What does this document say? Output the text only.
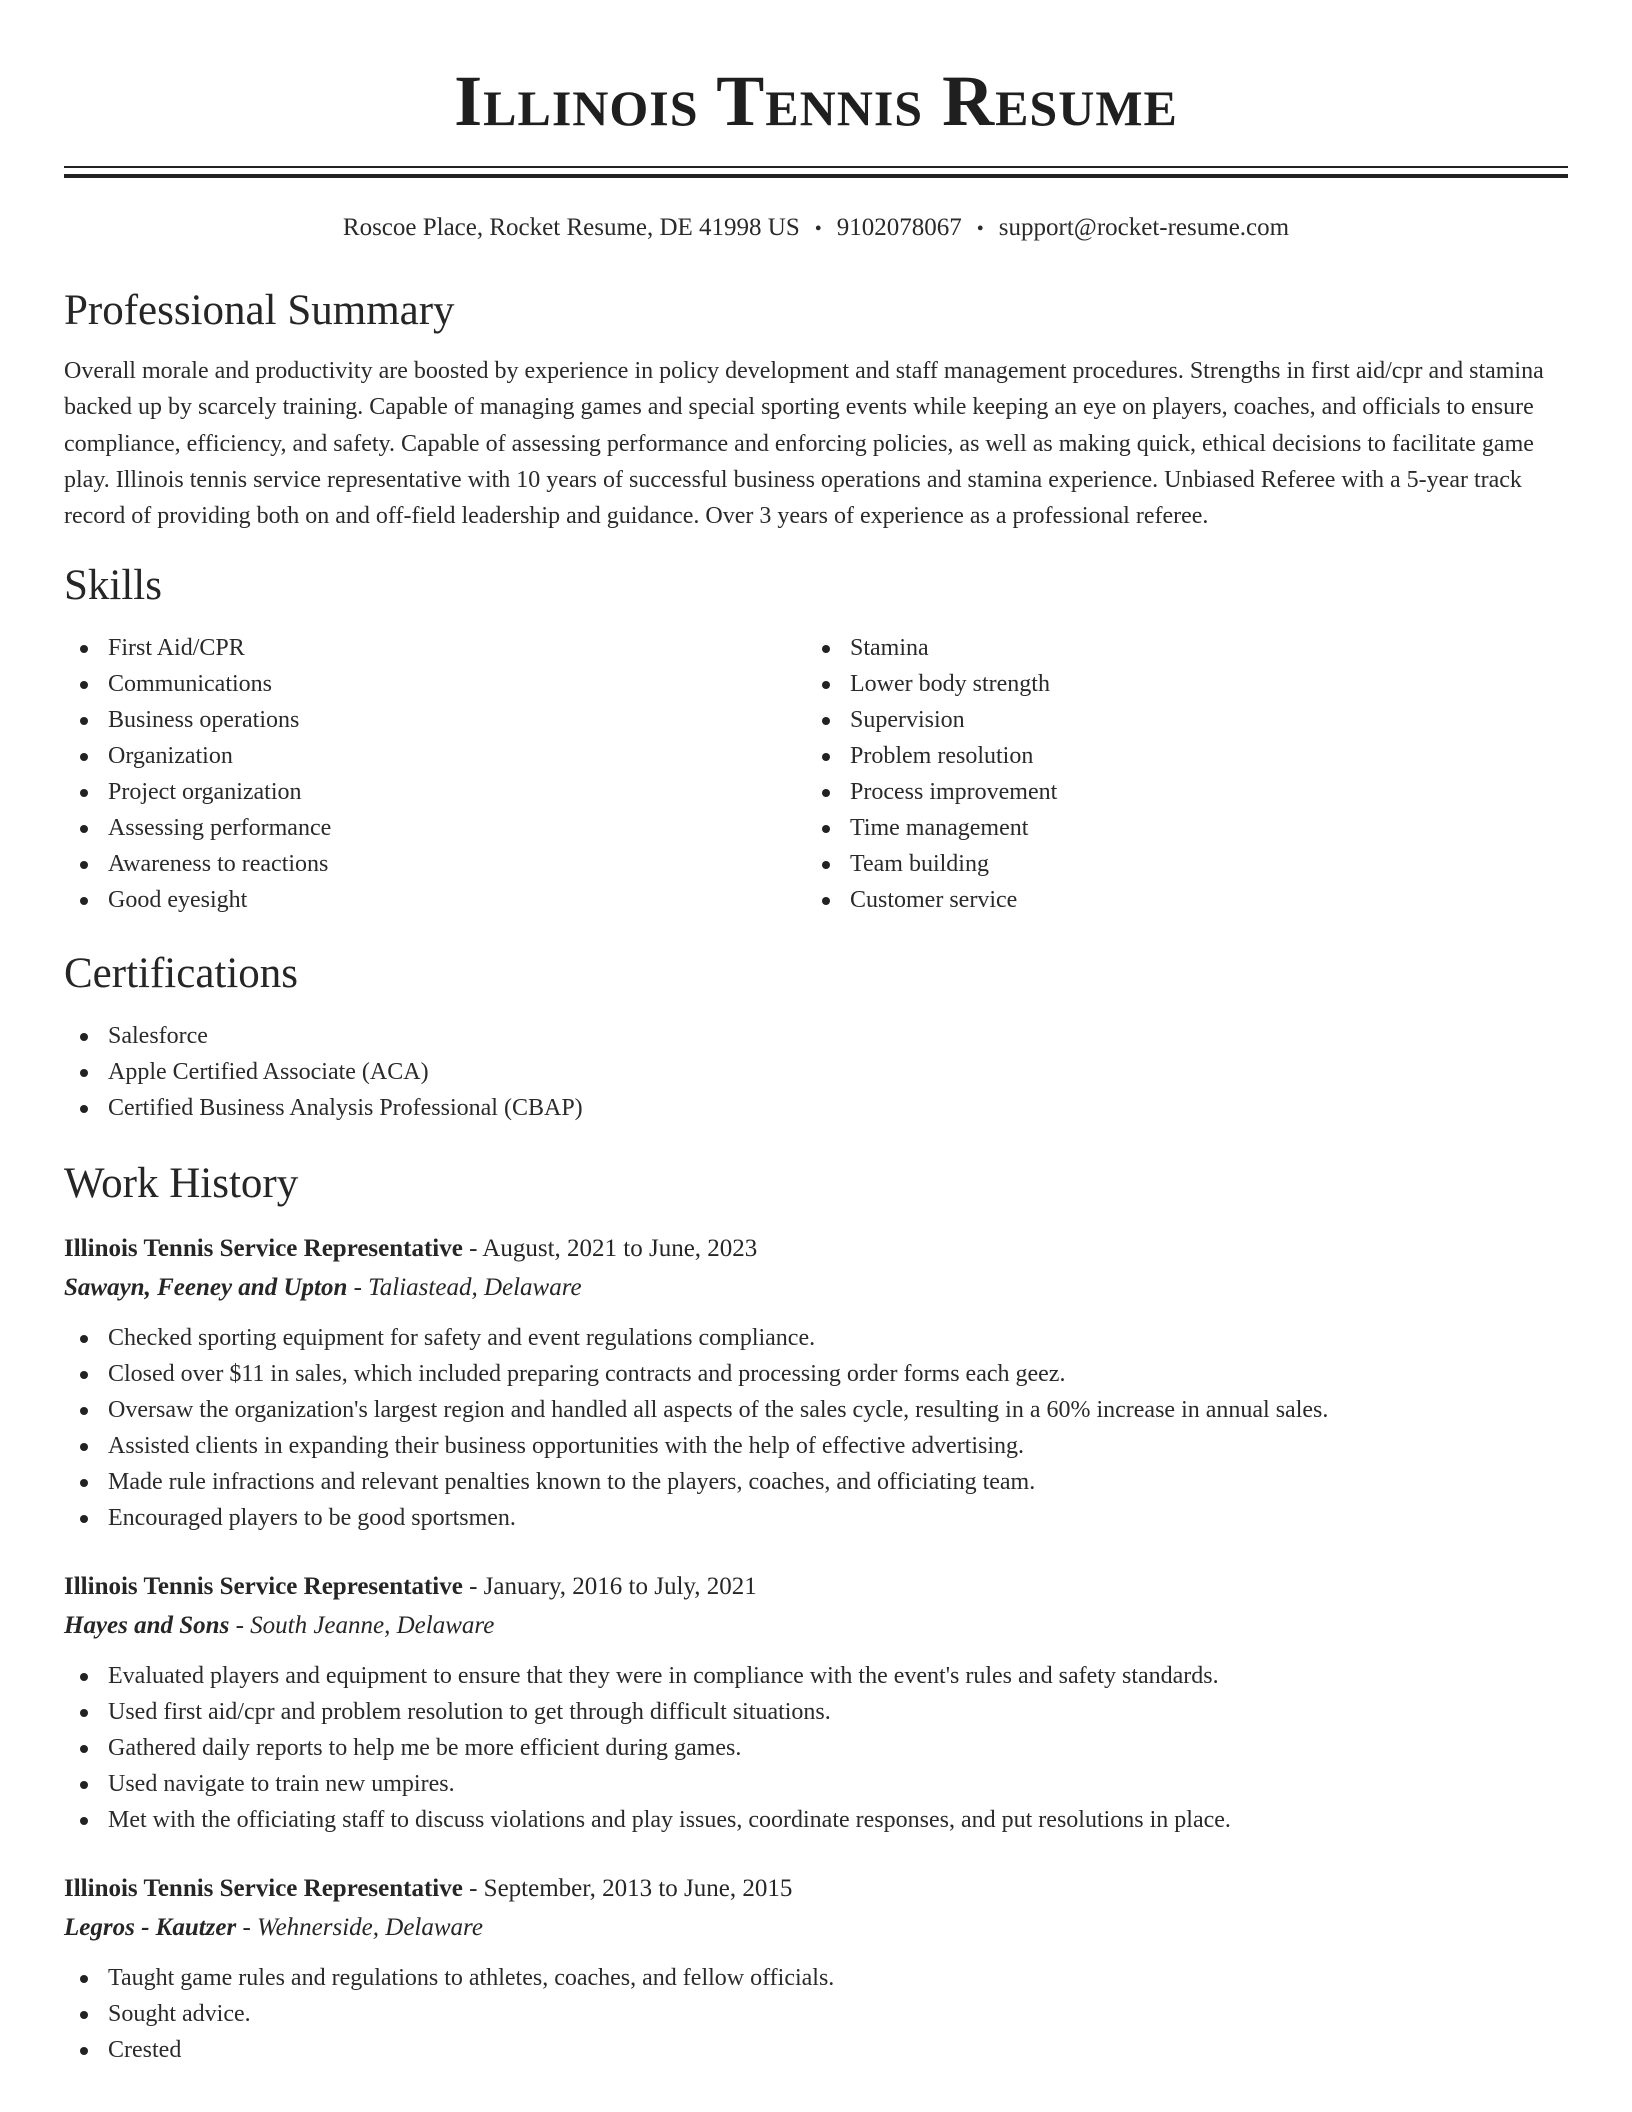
Illinois Tennis Resume
Roscoe Place, Rocket Resume, DE 41998 US • 9102078067 • support@rocket-resume.com
Professional Summary

Overall morale and productivity are boosted by experience in policy development and staff management procedures. Strengths in first aid/cpr and stamina backed up by scarcely training. Capable of managing games and special sporting events while keeping an eye on players, coaches, and officials to ensure compliance, efficiency, and safety. Capable of assessing performance and enforcing policies, as well as making quick, ethical decisions to facilitate game play. Illinois tennis service representative with 10 years of successful business operations and stamina experience. Unbiased Referee with a 5-year track record of providing both on and off-field leadership and guidance. Over 3 years of experience as a professional referee.

Skills
First Aid/CPR
Communications
Business operations
Organization
Project organization
Assessing performance
Awareness to reactions
Good eyesight
Stamina
Lower body strength
Supervision
Problem resolution
Process improvement
Time management
Team building
Customer service
Certifications
Salesforce
Apple Certified Associate (ACA)
Certified Business Analysis Professional (CBAP)
Work History
Illinois Tennis Service Representative - August, 2021 to June, 2023
Sawayn, Feeney and Upton - Taliastead, Delaware
Checked sporting equipment for safety and event regulations compliance.
Closed over $11 in sales, which included preparing contracts and processing order forms each geez.
Oversaw the organization's largest region and handled all aspects of the sales cycle, resulting in a 60% increase in annual sales.
Assisted clients in expanding their business opportunities with the help of effective advertising.
Made rule infractions and relevant penalties known to the players, coaches, and officiating team.
Encouraged players to be good sportsmen.
Illinois Tennis Service Representative - January, 2016 to July, 2021
Hayes and Sons - South Jeanne, Delaware
Evaluated players and equipment to ensure that they were in compliance with the event's rules and safety standards.
Used first aid/cpr and problem resolution to get through difficult situations.
Gathered daily reports to help me be more efficient during games.
Used navigate to train new umpires.
Met with the officiating staff to discuss violations and play issues, coordinate responses, and put resolutions in place.
Illinois Tennis Service Representative - September, 2013 to June, 2015
Legros - Kautzer - Wehnerside, Delaware
Taught game rules and regulations to athletes, coaches, and fellow officials.
Sought advice.
Crested
